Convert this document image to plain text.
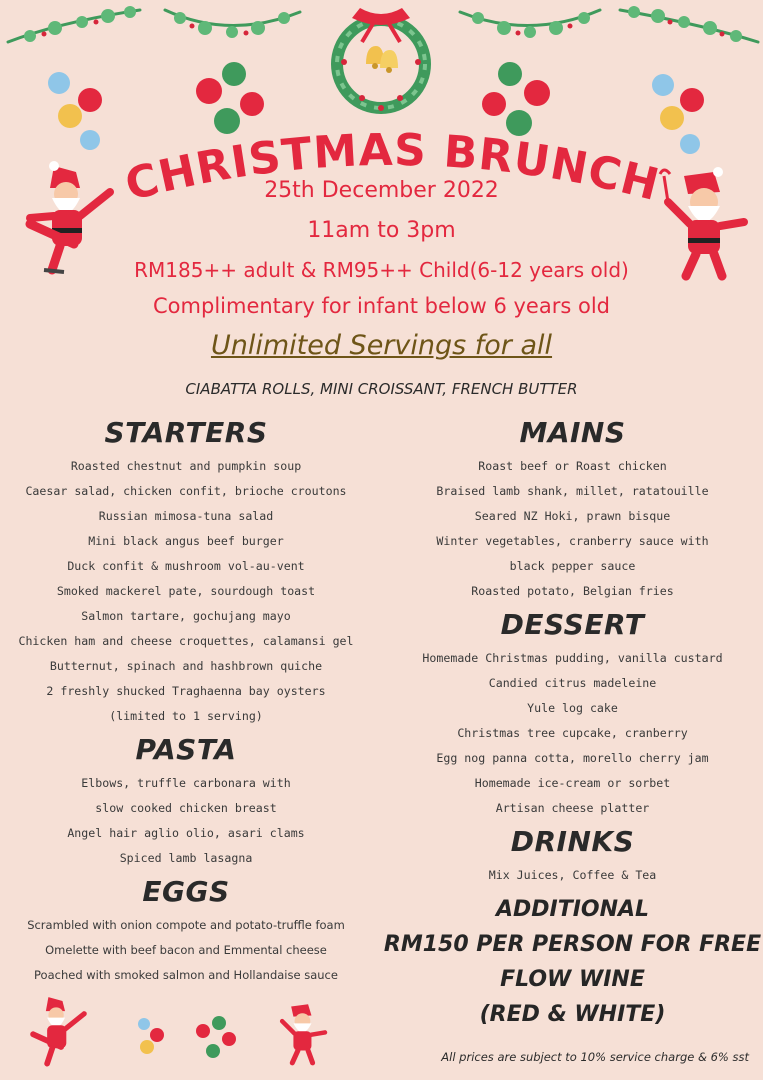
CHRISTMAS BRUNCH
25th December 2022
11am to 3pm
RM185++ adult & RM95++ Child(6-12 years old)
Complimentary for infant below 6 years old
Unlimited Servings for all
CIABATTA ROLLS, MINI CROISSANT, FRENCH BUTTER

STARTERS

Roasted chestnut and pumpkin soup

Caesar salad, chicken confit, brioche croutons

Russian mimosa-tuna salad

Mini black angus beef burger

Duck confit & mushroom vol-au-vent

Smoked mackerel pate, sourdough toast

Salmon tartare, gochujang mayo

Chicken ham and cheese croquettes, calamansi gel

Butternut, spinach and hashbrown quiche

2 freshly shucked Traghaenna bay oysters

(limited to 1 serving)

PASTA

Elbows, truffle carbonara with

slow cooked chicken breast

Angel hair aglio olio, asari clams

Spiced lamb lasagna

EGGS

Scrambled with onion compote and potato-truffle foam

Omelette with beef bacon and Emmental cheese

Poached with smoked salmon and Hollandaise sauce

MAINS

Roast beef or Roast chicken

Braised lamb shank, millet, ratatouille

Seared NZ Hoki, prawn bisque

Winter vegetables, cranberry sauce with

black pepper sauce

Roasted potato, Belgian fries

DESSERT

Homemade Christmas pudding, vanilla custard

Candied citrus madeleine

Yule log cake

Christmas tree cupcake, cranberry

Egg nog panna cotta, morello cherry jam

Homemade ice-cream or sorbet

Artisan cheese platter

DRINKS

Mix Juices, Coffee & Tea

ADDITIONAL

RM150 PER PERSON FOR FREE

FLOW WINE

(RED & WHITE)

All prices are subject to 10% service charge & 6% sst
